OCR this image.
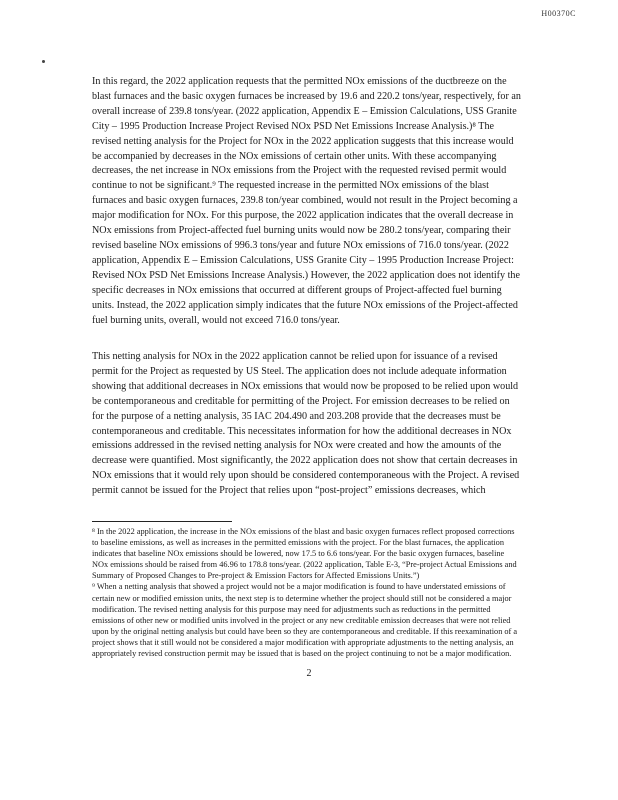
H00370C

In this regard, the 2022 application requests that the permitted NOx emissions of the ductbreeze on the blast furnaces and the basic oxygen furnaces be increased by 19.6 and 220.2 tons/year, respectively, for an overall increase of 239.8 tons/year. (2022 application, Appendix E – Emission Calculations, USS Granite City – 1995 Production Increase Project Revised NOx PSD Net Emissions Increase Analysis.)⁸ The revised netting analysis for the Project for NOx in the 2022 application suggests that this increase would be accompanied by decreases in the NOx emissions of certain other units. With these accompanying decreases, the net increase in NOx emissions from the Project with the requested revised permit would continue to not be significant.⁹ The requested increase in the permitted NOx emissions of the blast furnaces and basic oxygen furnaces, 239.8 ton/year combined, would not result in the Project becoming a major modification for NOx. For this purpose, the 2022 application indicates that the overall decrease in NOx emissions from Project-affected fuel burning units would now be 280.2 tons/year, comparing their revised baseline NOx emissions of 996.3 tons/year and future NOx emissions of 716.0 tons/year. (2022 application, Appendix E – Emission Calculations, USS Granite City – 1995 Production Increase Project: Revised NOx PSD Net Emissions Increase Analysis.) However, the 2022 application does not identify the specific decreases in NOx emissions that occurred at different groups of Project-affected fuel burning units. Instead, the 2022 application simply indicates that the future NOx emissions of the Project-affected fuel burning units, overall, would not exceed 716.0 tons/year.

This netting analysis for NOx in the 2022 application cannot be relied upon for issuance of a revised permit for the Project as requested by US Steel. The application does not include adequate information showing that additional decreases in NOx emissions that would now be proposed to be relied upon would be contemporaneous and creditable for permitting of the Project. For emission decreases to be relied on for the purpose of a netting analysis, 35 IAC 204.490 and 203.208 provide that the decreases must be contemporaneous and creditable. This necessitates information for how the additional decreases in NOx emissions addressed in the revised netting analysis for NOx were created and how the amounts of the decrease were quantified. Most significantly, the 2022 application does not show that certain decreases in NOx emissions that it would rely upon should be considered contemporaneous with the Project. A revised permit cannot be issued for the Project that relies upon “post-project” emissions decreases, which

⁸ In the 2022 application, the increase in the NOx emissions of the blast and basic oxygen furnaces reflect proposed corrections to baseline emissions, as well as increases in the permitted emissions with the project. For the blast furnaces, the application indicates that baseline NOx emissions should be lowered, now 17.5 to 6.6 tons/year. For the basic oxygen furnaces, baseline NOx emissions should be raised from 46.96 to 178.8 tons/year. (2022 application, Table E-3, “Pre-project Actual Emissions and Summary of Proposed Changes to Pre-project & Emission Factors for Affected Emissions Units.”)

⁹ When a netting analysis that showed a project would not be a major modification is found to have understated emissions of certain new or modified emission units, the next step is to determine whether the project should still not be considered a major modification. The revised netting analysis for this purpose may need for adjustments such as reductions in the permitted emissions of other new or modified units involved in the project or any new creditable emission decreases that were not relied upon by the original netting analysis but could have been so they are contemporaneous and creditable. If this reexamination of a project shows that it still would not be considered a major modification with appropriate adjustments to the netting analysis, an appropriately revised construction permit may be issued that is based on the project continuing to not be a major modification.

2
